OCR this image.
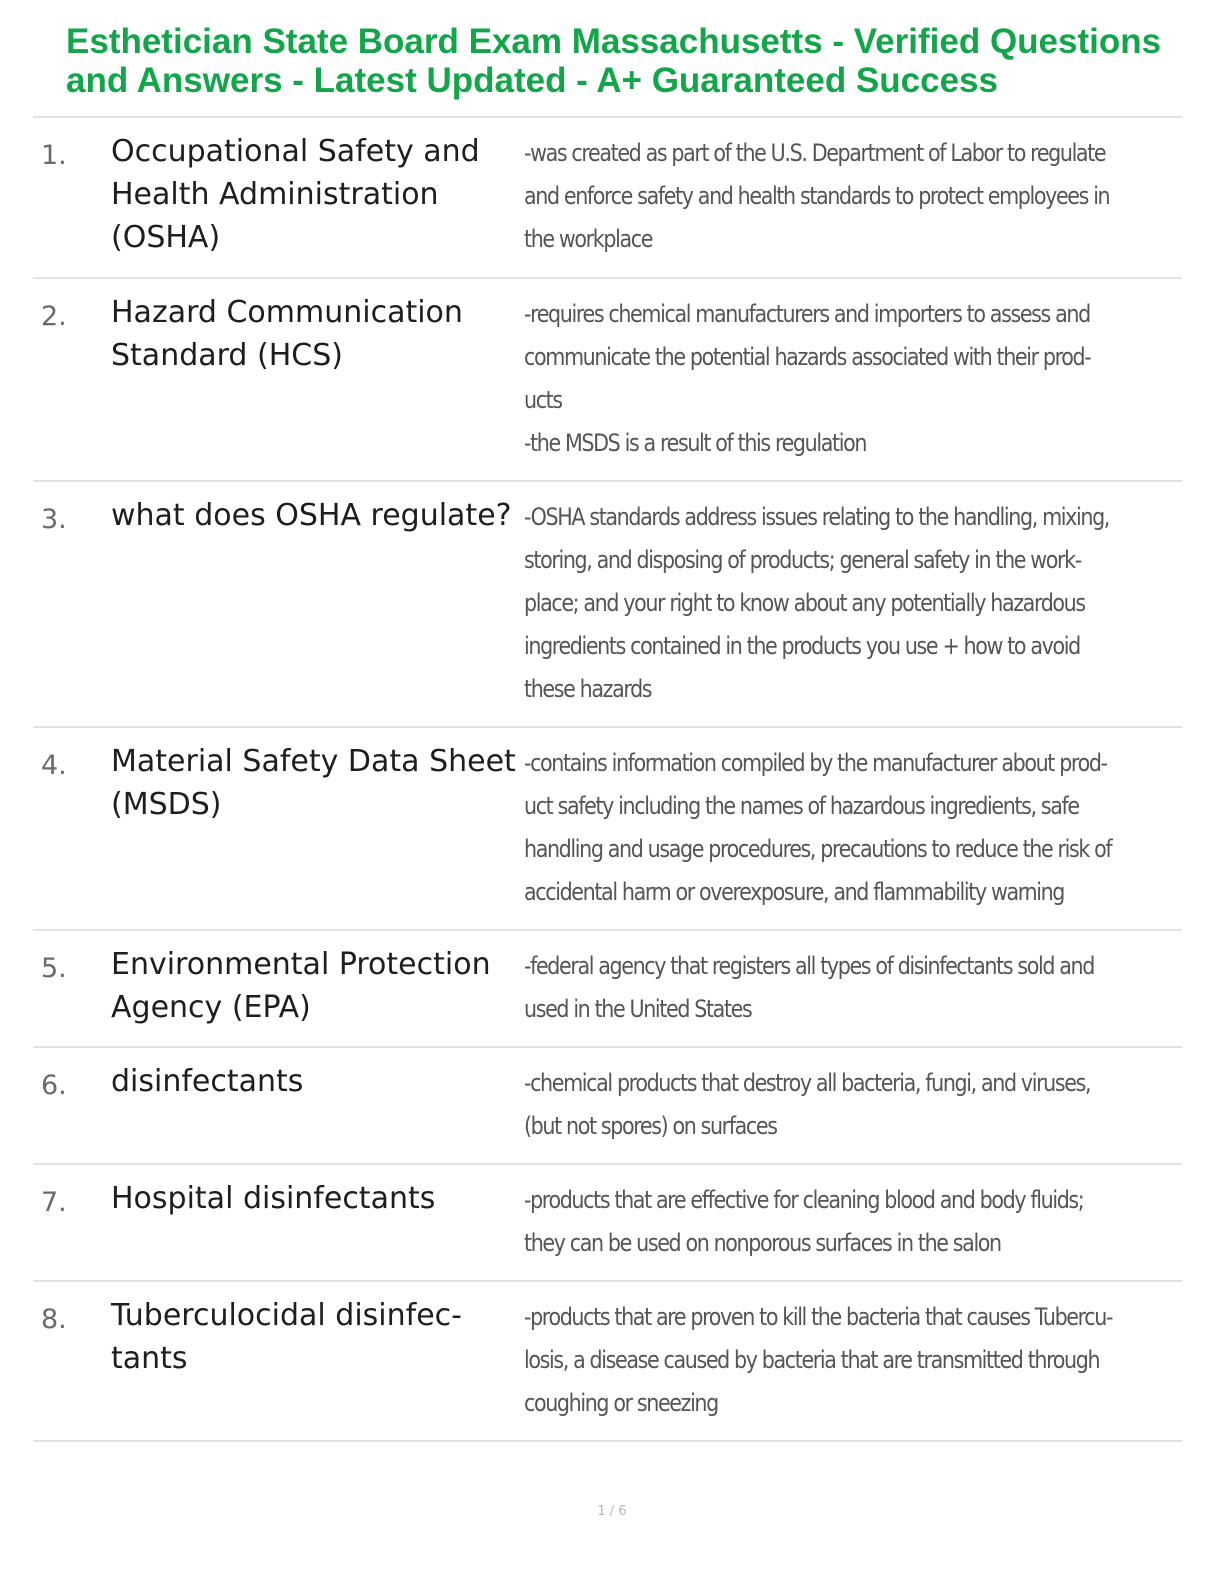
Esthetician State Board Exam Massachusetts - Verified Questions
and Answers - Latest Updated - A+ Guaranteed Success
1. Occupational Safety and
Health Administration
(OSHA)
-was created as part of the U.S. Department of Labor to regulate
and enforce safety and health standards to protect employees in
the workplace
2. Hazard Communication
Standard (HCS)
-requires chemical manufacturers and importers to assess and
communicate the potential hazards associated with their prod-
ucts
-the MSDS is a result of this regulation
3. what does OSHA regulate? -OSHA standards address issues relating to the handling, mixing,
storing, and disposing of products; general safety in the work-
place; and your right to know about any potentially hazardous
ingredients contained in the products you use + how to avoid
these hazards
4. Material Safety Data Sheet
(MSDS)
-contains information compiled by the manufacturer about prod-
uct safety including the names of hazardous ingredients, safe
handling and usage procedures, precautions to reduce the risk of
accidental harm or overexposure, and flammability warning
5. Environmental Protection
Agency (EPA)
-federal agency that registers all types of disinfectants sold and
used in the United States
6. disinfectants	-chemical products that destroy all bacteria, fungi, and viruses,
(but not spores) on surfaces
7. Hospital disinfectants	-products that are effective for cleaning blood and body fluids;
they can be used on nonporous surfaces in the salon
8. Tuberculocidal disinfec-
tants
-products that are proven to kill the bacteria that causes Tubercu-
losis, a disease caused by bacteria that are transmitted through
coughing or sneezing
1 / 6
